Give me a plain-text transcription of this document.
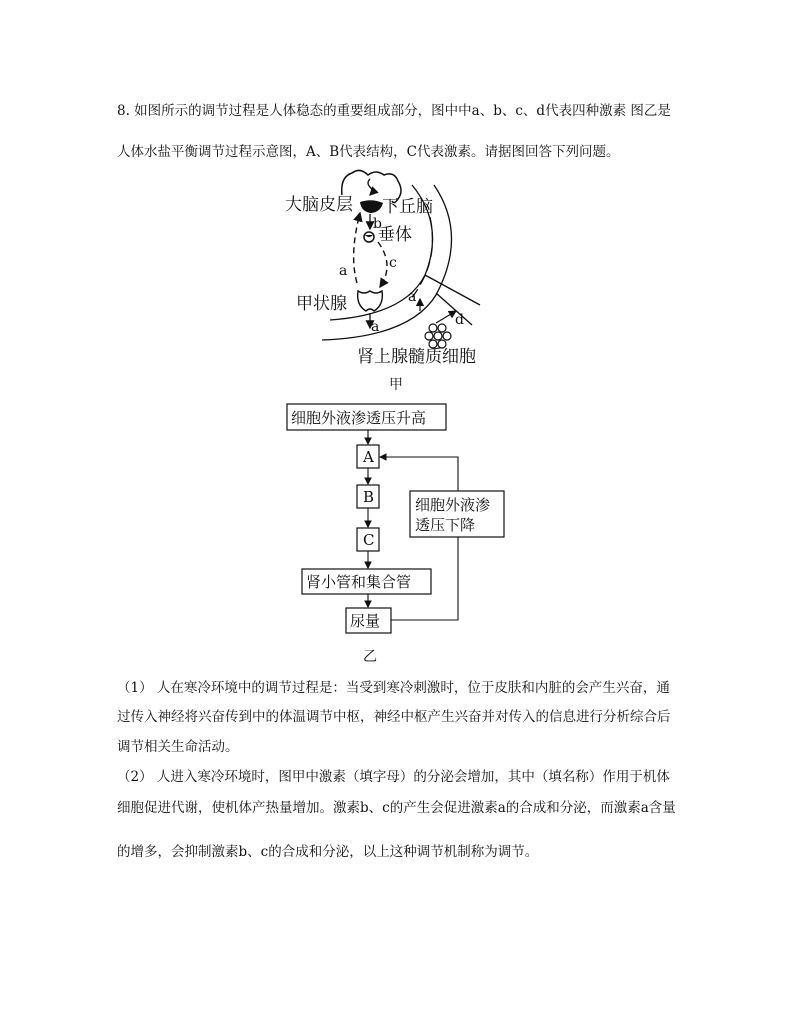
8. 如图所示的调节过程是人体稳态的重要组成部分，图中中a、b、c、d代表四种激素 图乙是
人体水盐平衡调节过程示意图，A、B代表结构，C代表激素。请据图回答下列问题。
大脑皮层 下丘脑
b
垂体
a	c
甲状腺
a
a
d
肾上腺髓质细胞
甲
细胞外液渗透压升高
A
B
C
肾小管和集合管
尿量
细胞外液渗
透压下降
乙
（1） 人在寒冷环境中的调节过程是：当受到寒冷刺激时，位于皮肤和内脏的会产生兴奋，通
过传入神经将兴奋传到中的体温调节中枢，神经中枢产生兴奋并对传入的信息进行分析综合后
调节相关生命活动。
（2） 人进入寒冷环境时，图甲中激素（填字母）的分泌会增加，其中（填名称）作用于机体
细胞促进代谢，使机体产热量增加。激素b、c的产生会促进激素a的合成和分泌，而激素a含量
的增多，会抑制激素b、c的合成和分泌，以上这种调节机制称为调节。
